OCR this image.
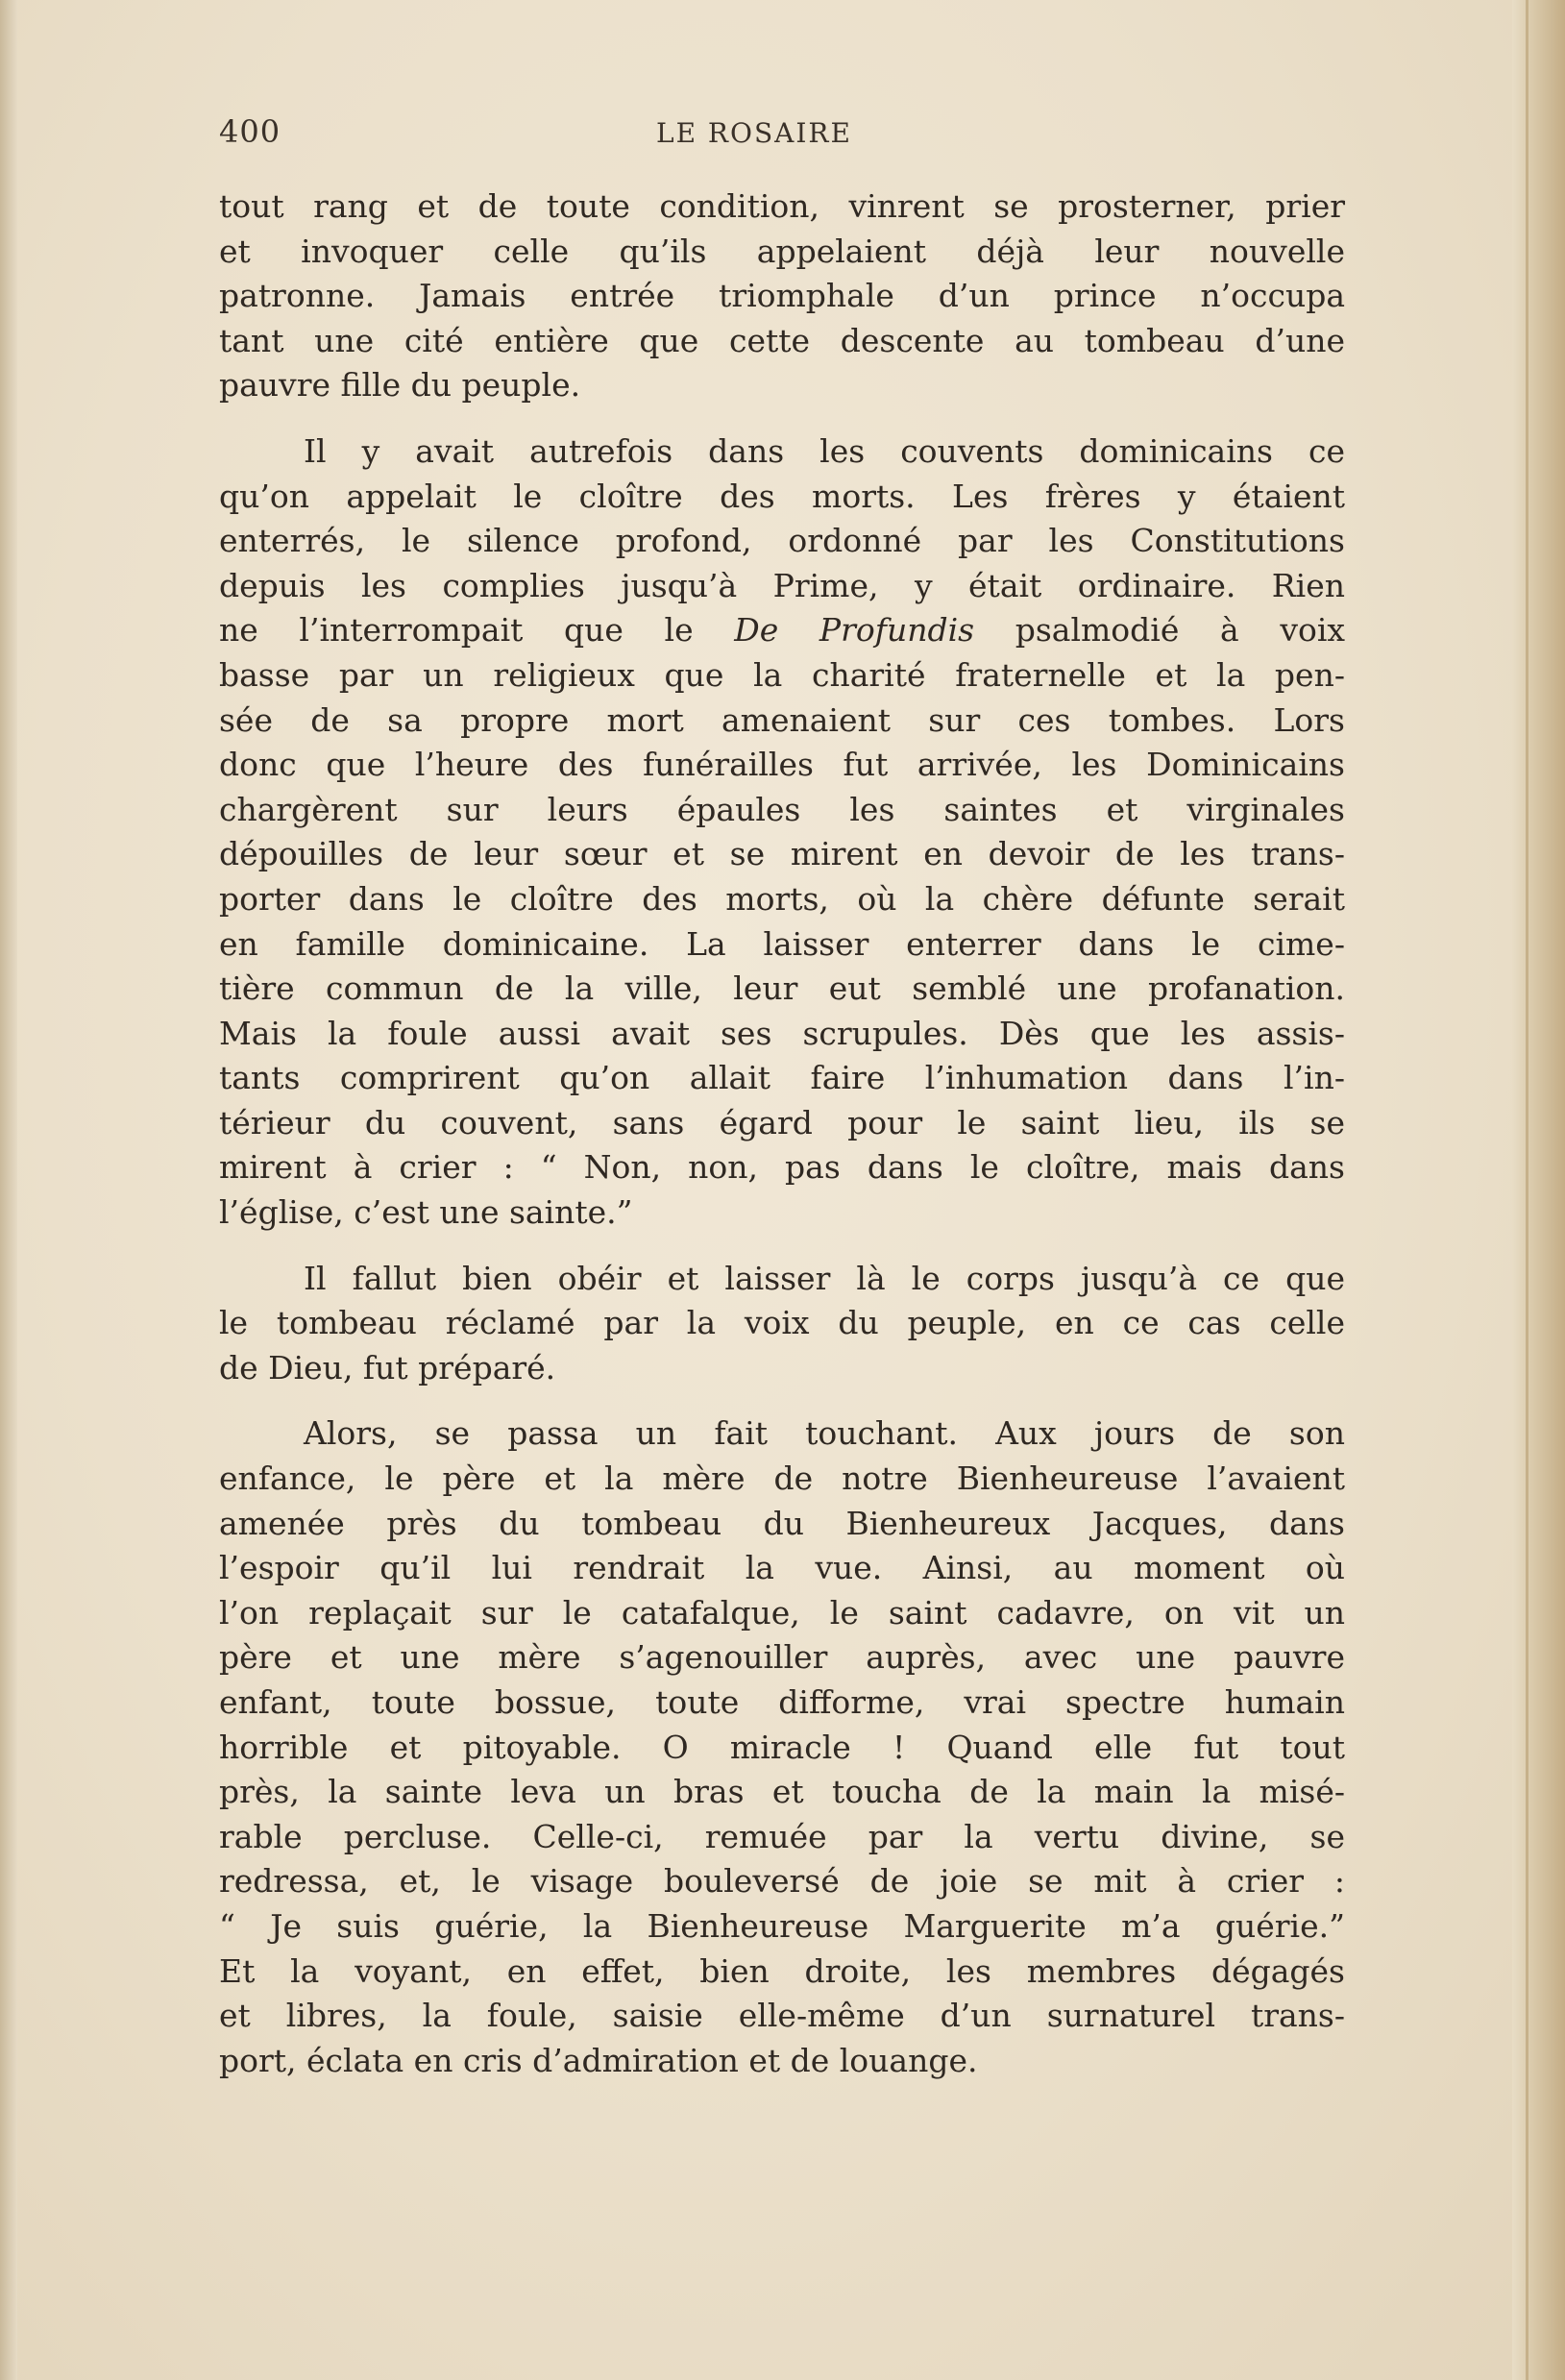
400	LE ROSAIRE
tout rang et de toute condition, vinrent se prosterner, prier
et invoquer celle qu’ils appelaient déjà leur nouvelle
patronne. Jamais entrée triomphale d’un prince n’occupa
tant une cité entière que cette descente au tombeau d’une
pauvre fille du peuple.
Il y avait autrefois dans les couvents dominicains ce
qu’on appelait le cloître des morts. Les frères y étaient
enterrés, le silence profond, ordonné par les Constitutions
depuis les complies jusqu’à Prime, y était ordinaire. Rien
ne l’interrompait que le De Profundis psalmodié à voix
basse par un religieux que la charité fraternelle et la pen-
sée de sa propre mort amenaient sur ces tombes. Lors
donc que l’heure des funérailles fut arrivée, les Dominicains
chargèrent sur leurs épaules les saintes et virginales
dépouilles de leur sœur et se mirent en devoir de les trans-
porter dans le cloître des morts, où la chère défunte serait
en famille dominicaine. La laisser enterrer dans le cime-
tière commun de la ville, leur eut semblé une profanation.
Mais la foule aussi avait ses scrupules. Dès que les assis-
tants comprirent qu’on allait faire l’inhumation dans l’in-
térieur du couvent, sans égard pour le saint lieu, ils se
mirent à crier : “ Non, non, pas dans le cloître, mais dans
l’église, c’est une sainte.”
Il fallut bien obéir et laisser là le corps jusqu’à ce que
le tombeau réclamé par la voix du peuple, en ce cas celle
de Dieu, fut préparé.
Alors, se passa un fait touchant. Aux jours de son
enfance, le père et la mère de notre Bienheureuse l’avaient
amenée près du tombeau du Bienheureux Jacques, dans
l’espoir qu’il lui rendrait la vue. Ainsi, au moment où
l’on replaçait sur le catafalque, le saint cadavre, on vit un
père et une mère s’agenouiller auprès, avec une pauvre
enfant, toute bossue, toute difforme, vrai spectre humain
horrible et pitoyable. O miracle ! Quand elle fut tout
près, la sainte leva un bras et toucha de la main la misé-
rable percluse. Celle-ci, remuée par la vertu divine, se
redressa, et, le visage bouleversé de joie se mit à crier :
“ Je suis guérie, la Bienheureuse Marguerite m’a guérie.”
Et la voyant, en effet, bien droite, les membres dégagés
et libres, la foule, saisie elle-même d’un surnaturel trans-
port, éclata en cris d’admiration et de louange.
